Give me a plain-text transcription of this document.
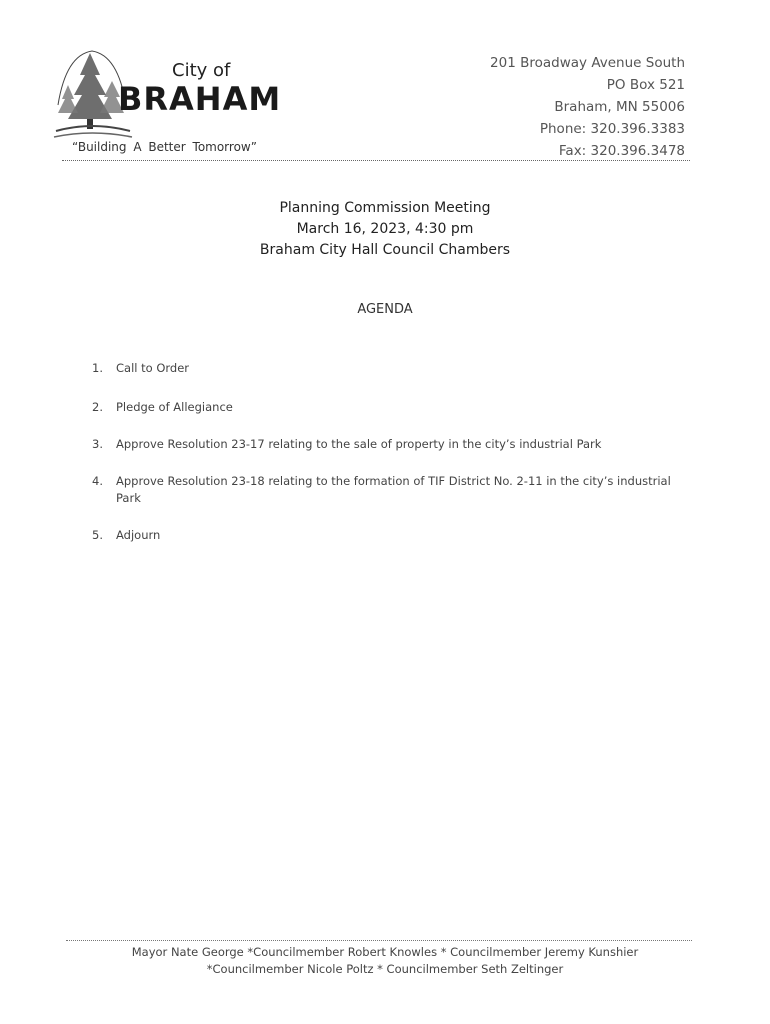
City of
BRAHAM
“Building A Better Tomorrow”
201 Broadway Avenue South
PO Box 521
Braham, MN 55006
Phone: 320.396.3383
Fax: 320.396.3478
Planning Commission Meeting
March 16, 2023, 4:30 pm
Braham City Hall Council Chambers
AGENDA
1.	Call to Order
2.	Pledge of Allegiance
3.	Approve Resolution 23-17 relating to the sale of property in the city’s industrial Park
4.	Approve Resolution 23-18 relating to the formation of TIF District No. 2-11 in the city’s industrial Park
5.	Adjourn
Mayor Nate George *Councilmember Robert Knowles * Councilmember Jeremy Kunshier
*Councilmember Nicole Poltz * Councilmember Seth Zeltinger
